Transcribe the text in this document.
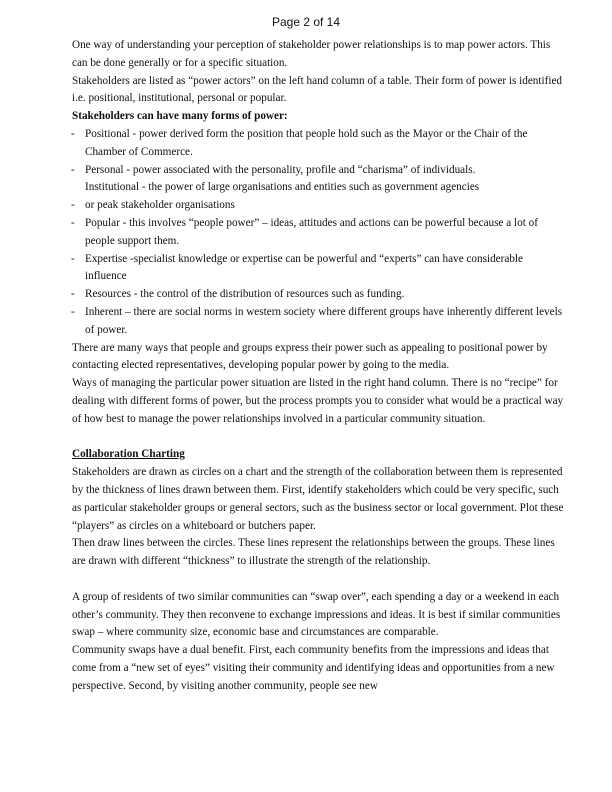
Page 2 of 14

One way of understanding your perception of stakeholder power relationships is to map power actors. This can be done generally or for a specific situation.

Stakeholders are listed as “power actors” on the left hand column of a table. Their form of power is identified i.e. positional, institutional, personal or popular.

Stakeholders can have many forms of power:

- Positional - power derived form the position that people hold such as the Mayor or the Chair of the Chamber of Commerce.
- Personal - power associated with the personality, profile and “charisma” of individuals.
Institutional - the power of large organisations and entities such as government agencies
- or peak stakeholder organisations
- Popular - this involves “people power” – ideas, attitudes and actions can be powerful because a lot of people support them.
- Expertise -specialist knowledge or expertise can be powerful and “experts” can have considerable influence
- Resources - the control of the distribution of resources such as funding.
- Inherent – there are social norms in western society where different groups have inherently different levels of power.

There are many ways that people and groups express their power such as appealing to positional power by contacting elected representatives, developing popular power by going to the media.

Ways of managing the particular power situation are listed in the right hand column. There is no “recipe” for dealing with different forms of power, but the process prompts you to consider what would be a practical way of how best to manage the power relationships involved in a particular community situation.

Collaboration Charting

Stakeholders are drawn as circles on a chart and the strength of the collaboration between them is represented by the thickness of lines drawn between them. First, identify stakeholders which could be very specific, such as particular stakeholder groups or general sectors, such as the business sector or local government. Plot these “players” as circles on a whiteboard or butchers paper.

Then draw lines between the circles. These lines represent the relationships between the groups. These lines are drawn with different “thickness” to illustrate the strength of the relationship.

A group of residents of two similar communities can “swap over”, each spending a day or a weekend in each other’s community. They then reconvene to exchange impressions and ideas. It is best if similar communities swap – where community size, economic base and circumstances are comparable.

Community swaps have a dual benefit. First, each community benefits from the impressions and ideas that come from a “new set of eyes” visiting their community and identifying ideas and opportunities from a new perspective. Second, by visiting another community, people see new
